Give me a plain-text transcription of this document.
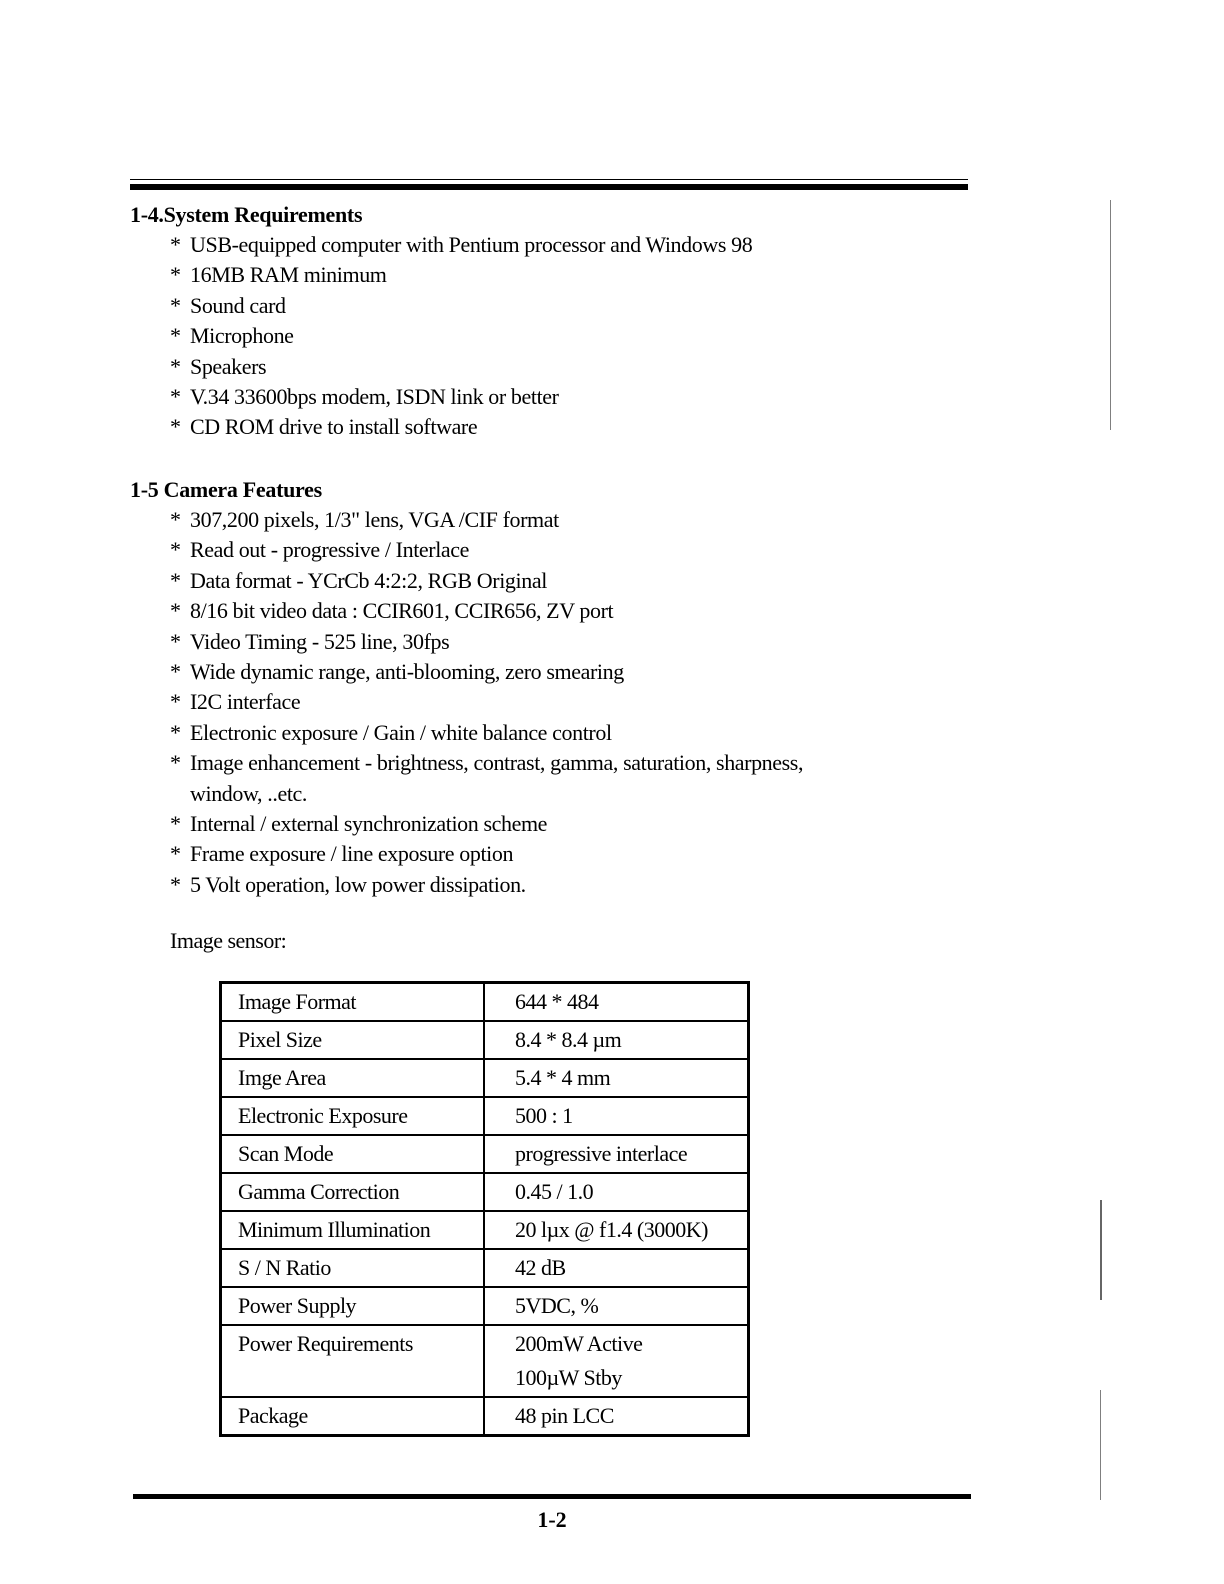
1-4.System Requirements

* USB-equipped computer with Pentium processor and Windows 98
* 16MB RAM minimum
* Sound card
* Microphone
* Speakers
* V.34 33600bps modem, ISDN link or better
* CD ROM drive to install software

1-5 Camera Features

* 307,200 pixels, 1/3" lens, VGA /CIF format
* Read out - progressive / Interlace
* Data format - YCrCb 4:2:2, RGB Original
* 8/16 bit video data : CCIR601, CCIR656, ZV port
* Video Timing - 525 line, 30fps
* Wide dynamic range, anti-blooming, zero smearing
* I2C interface
* Electronic exposure / Gain / white balance control
* Image enhancement - brightness, contrast, gamma, saturation, sharpness,
window, ..etc.
* Internal / external synchronization scheme
* Frame exposure / line exposure option
* 5 Volt operation, low power dissipation.
Image sensor:
Image Format	644 * 484
Pixel Size	8.4 * 8.4 µm
Imge Area	5.4 * 4 mm
Electronic Exposure	500 : 1
Scan Mode	progressive interlace
Gamma Correction	0.45 / 1.0
Minimum Illumination	20 lµx @ f1.4 (3000K)
S / N Ratio	42 dB
Power Supply	5VDC, %
Power Requirements	200mW Active
100µW Stby

Package	48 pin LCC
1-2
